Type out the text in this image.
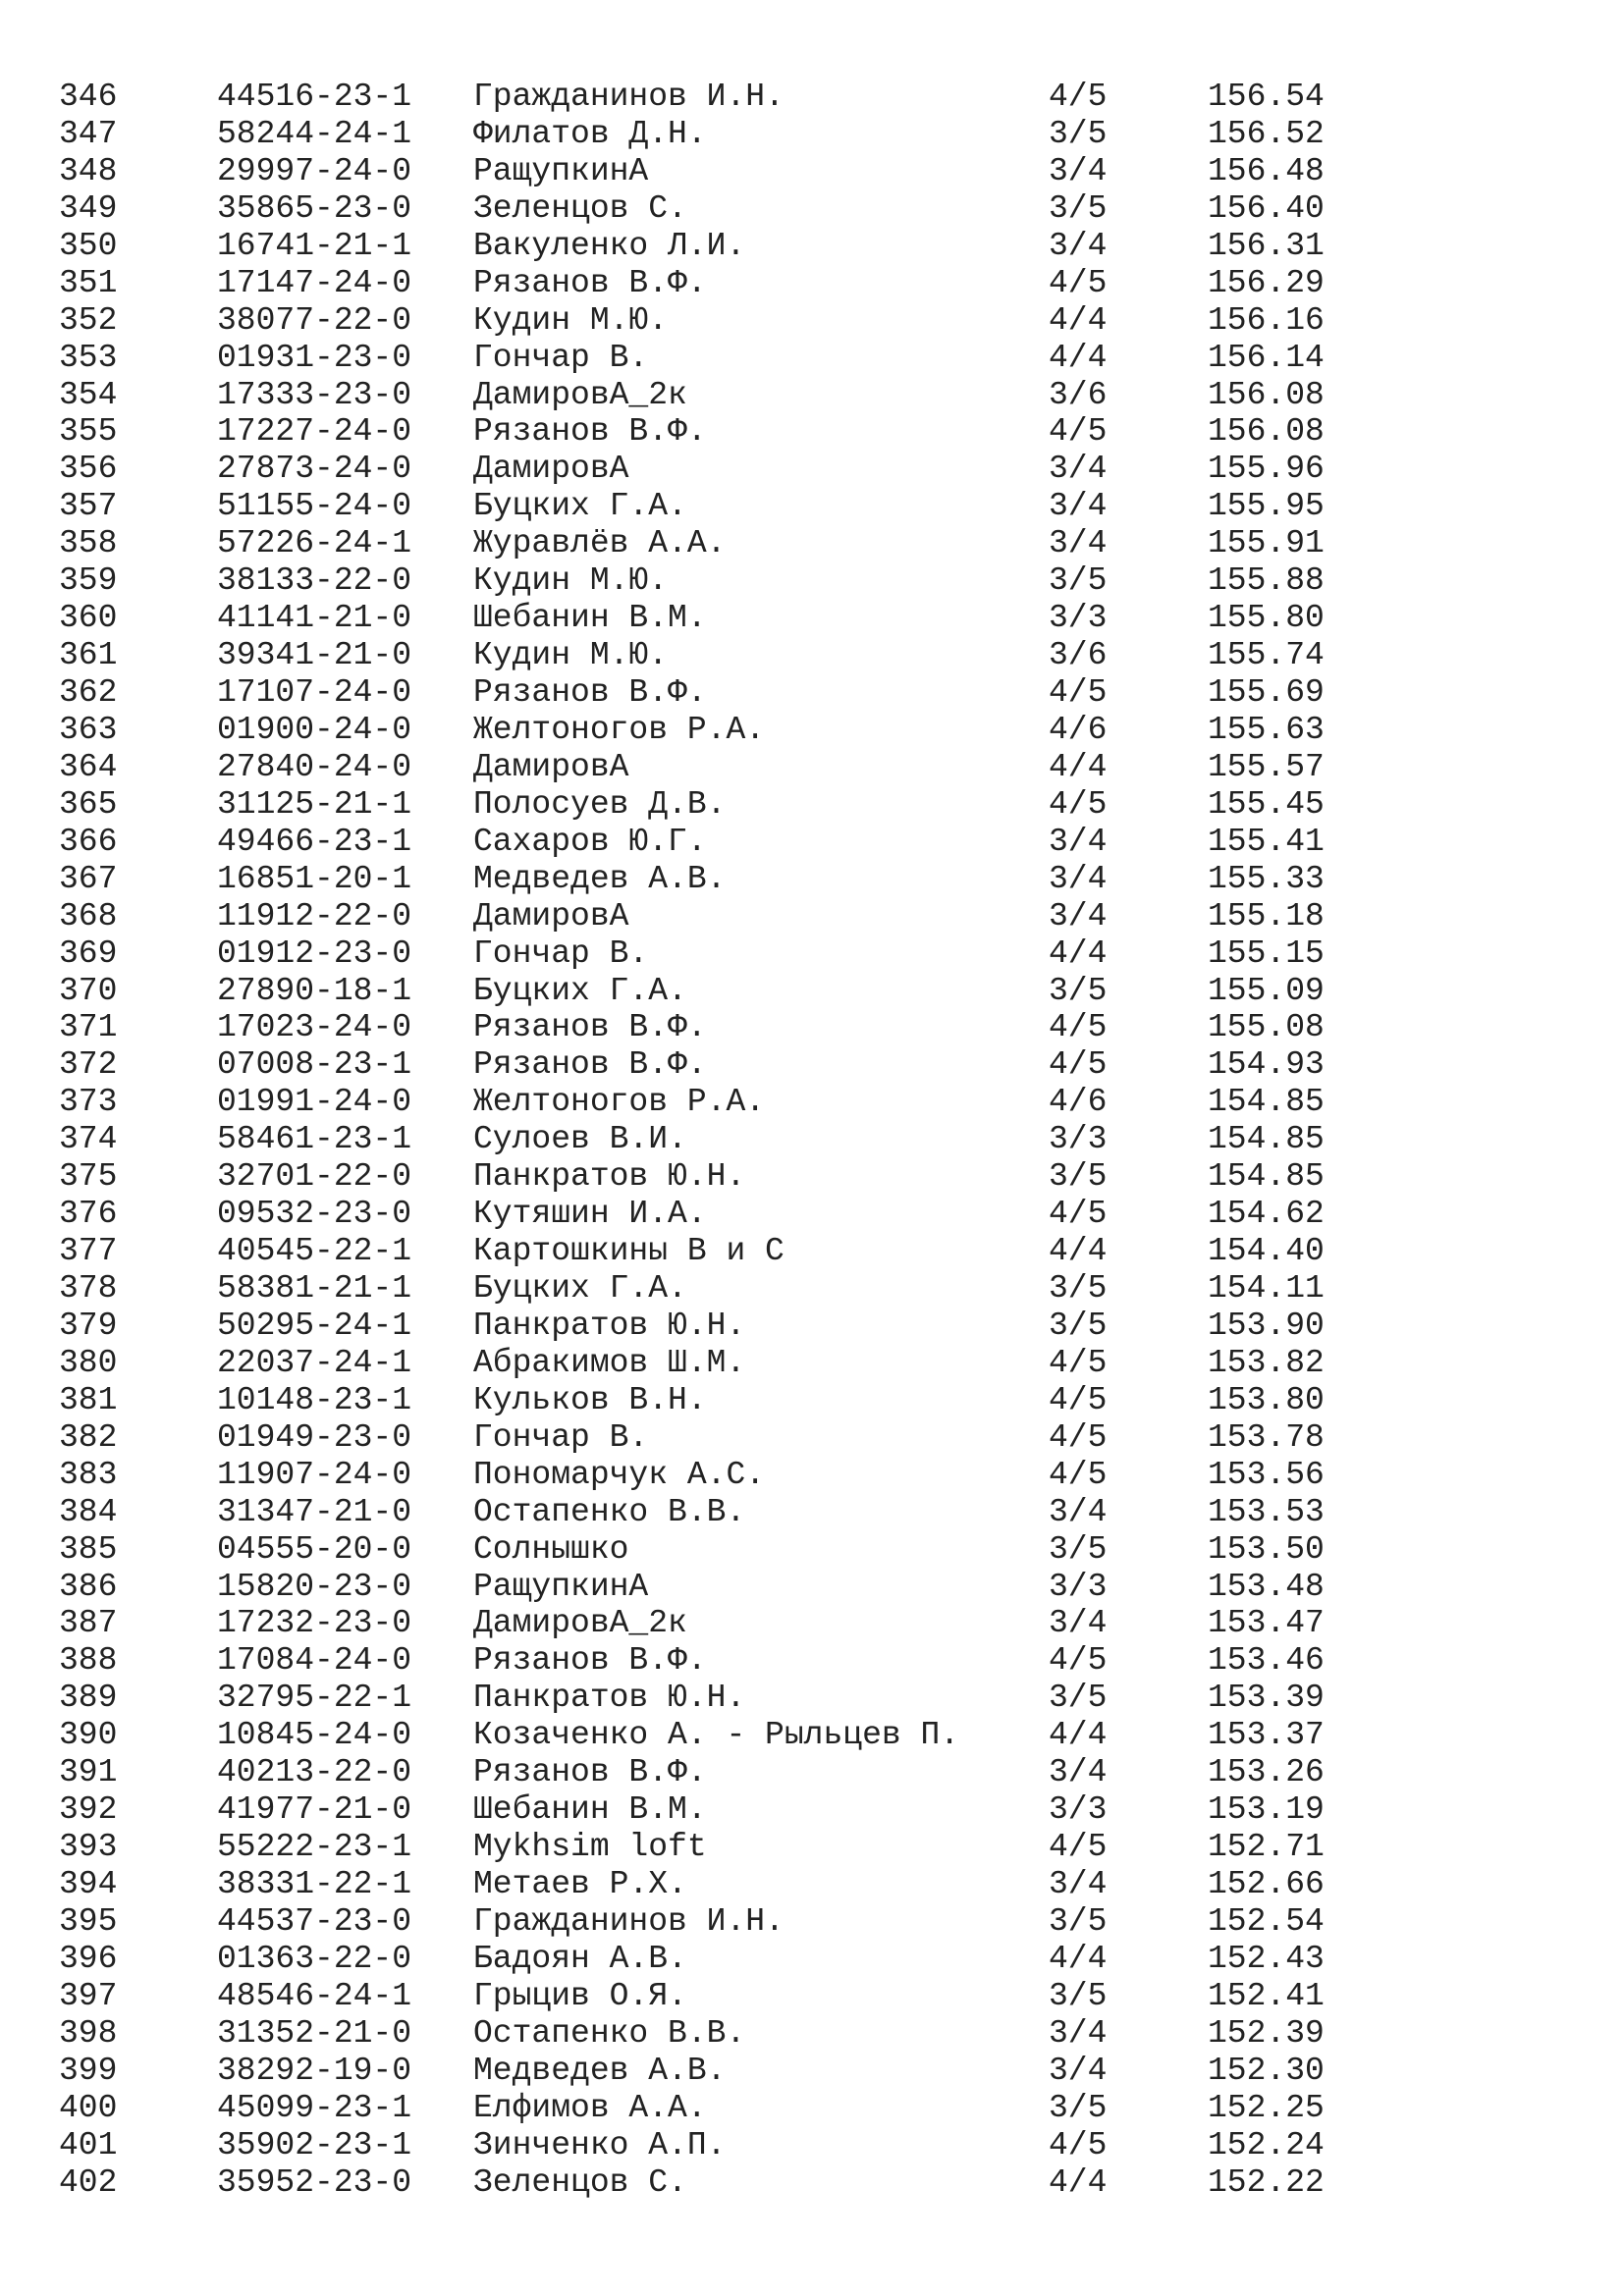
346	44516-23-1 Гражданинов И.Н.	4/5	156.54
347	58244-24-1 Филатов Д.Н.	3/5	156.52
348	29997-24-0 РащупкинА	3/4	156.48
349	35865-23-0 Зеленцов С.	3/5	156.40
350	16741-21-1 Вакуленко Л.И.	3/4	156.31
351	17147-24-0 Рязанов В.Ф.	4/5	156.29
352	38077-22-0 Кудин М.Ю.	4/4	156.16
353	01931-23-0 Гончар В.	4/4	156.14
354	17333-23-0 ДамировА_2к	3/6	156.08
355	17227-24-0 Рязанов В.Ф.	4/5	156.08
356	27873-24-0 ДамировА	3/4	155.96
357	51155-24-0 Буцких Г.А.	3/4	155.95
358	57226-24-1 Журавлёв А.А.	3/4	155.91
359	38133-22-0 Кудин М.Ю.	3/5	155.88
360	41141-21-0 Шебанин В.М.	3/3	155.80
361	39341-21-0 Кудин М.Ю.	3/6	155.74
362	17107-24-0 Рязанов В.Ф.	4/5	155.69
363	01900-24-0 Желтоногов Р.А.	4/6	155.63
364	27840-24-0 ДамировА	4/4	155.57
365	31125-21-1 Полосуев Д.В.	4/5	155.45
366	49466-23-1 Сахаров Ю.Г.	3/4	155.41
367	16851-20-1 Медведев А.В.	3/4	155.33
368	11912-22-0 ДамировА	3/4	155.18
369	01912-23-0 Гончар В.	4/4	155.15
370	27890-18-1 Буцких Г.А.	3/5	155.09
371	17023-24-0 Рязанов В.Ф.	4/5	155.08
372	07008-23-1 Рязанов В.Ф.	4/5	154.93
373	01991-24-0 Желтоногов Р.А.	4/6	154.85
374	58461-23-1 Сулоев В.И.	3/3	154.85
375	32701-22-0 Панкратов Ю.Н.	3/5	154.85
376	09532-23-0 Кутяшин И.А.	4/5	154.62
377	40545-22-1 Картошкины В и С	4/4	154.40
378	58381-21-1 Буцких Г.А.	3/5	154.11
379	50295-24-1 Панкратов Ю.Н.	3/5	153.90
380	22037-24-1 Абракимов Ш.М.	4/5	153.82
381	10148-23-1 Кульков В.Н.	4/5	153.80
382	01949-23-0 Гончар В.	4/5	153.78
383	11907-24-0 Пономарчук А.С.	4/5	153.56
384	31347-21-0 Остапенко В.В.	3/4	153.53
385	04555-20-0 Солнышко	3/5	153.50
386	15820-23-0 РащупкинА	3/3	153.48
387	17232-23-0 ДамировА_2к	3/4	153.47
388	17084-24-0 Рязанов В.Ф.	4/5	153.46
389	32795-22-1 Панкратов Ю.Н.	3/5	153.39
390	10845-24-0 Козаченко А. - Рыльцев П.	4/4	153.37
391	40213-22-0 Рязанов В.Ф.	3/4	153.26
392	41977-21-0 Шебанин В.М.	3/3	153.19
393	55222-23-1 Mykhsim loft	4/5	152.71
394	38331-22-1 Метаев Р.Х.	3/4	152.66
395	44537-23-0 Гражданинов И.Н.	3/5	152.54
396	01363-22-0 Бадоян А.В.	4/4	152.43
397	48546-24-1 Грыцив О.Я.	3/5	152.41
398	31352-21-0 Остапенко В.В.	3/4	152.39
399	38292-19-0 Медведев А.В.	3/4	152.30
400	45099-23-1 Елфимов А.А.	3/5	152.25
401	35902-23-1 Зинченко А.П.	4/5	152.24
402	35952-23-0 Зеленцов С.	4/4	152.22
